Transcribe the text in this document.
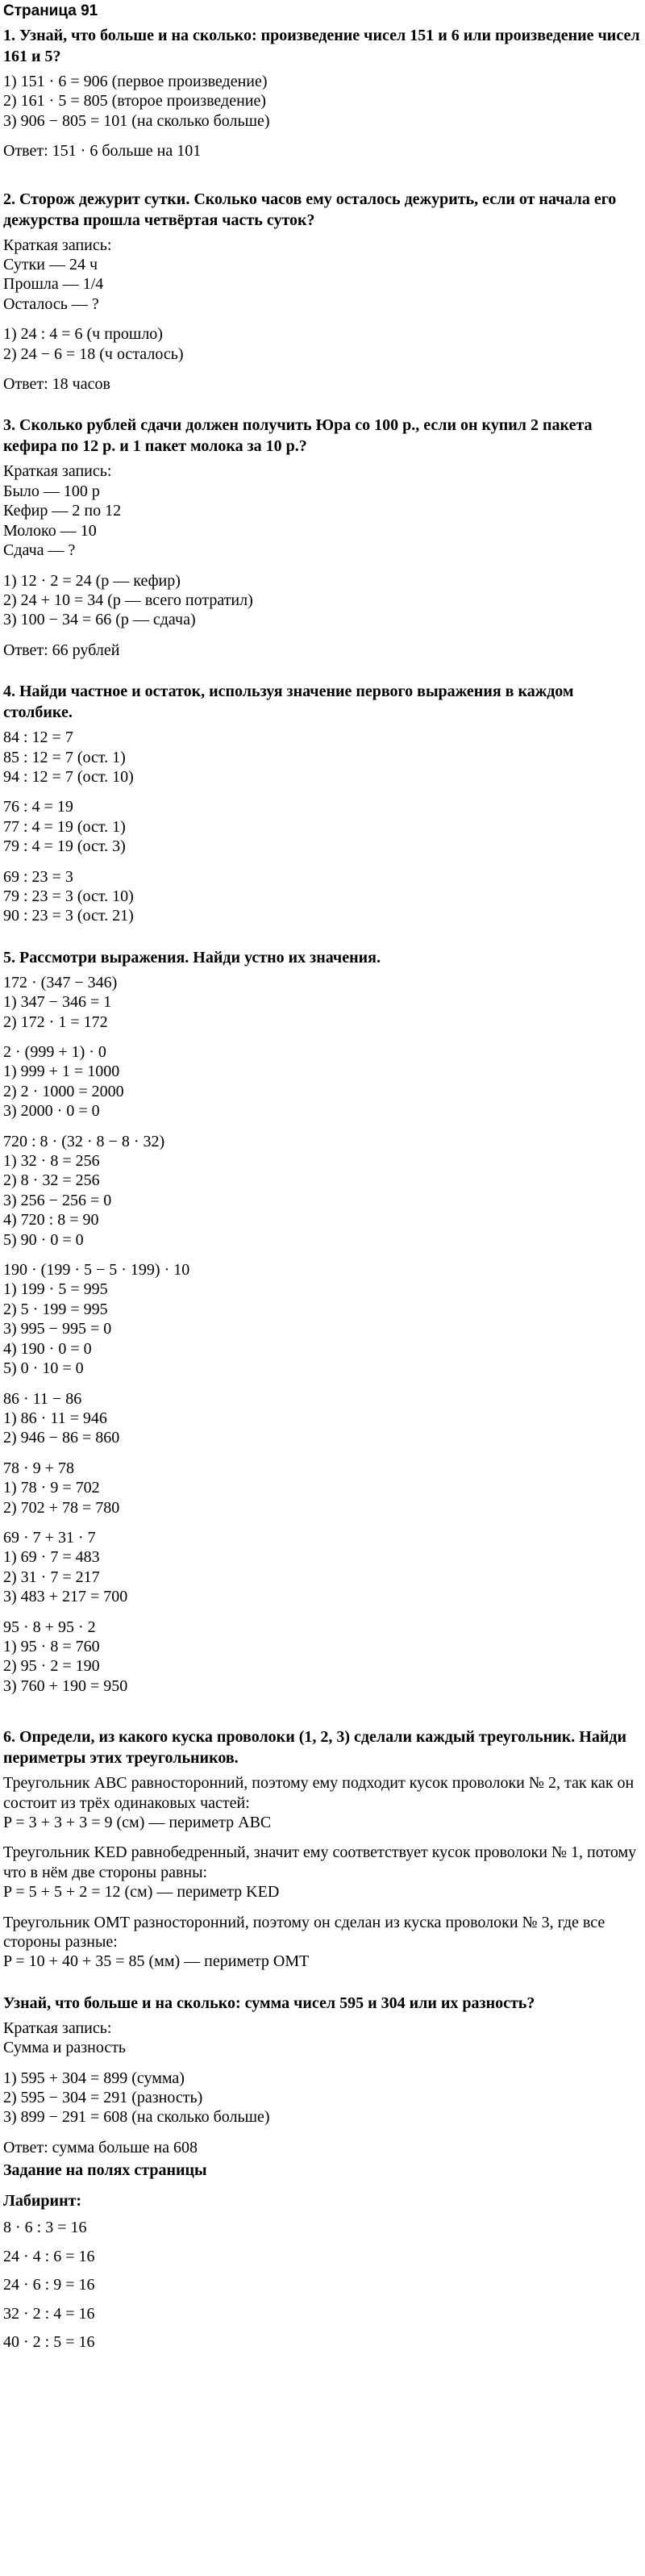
Страница 91

1. Узнай, что больше и на сколько: произведение чисел 151 и 6 или произведение чисел 161 и 5?

1) 151 · 6 = 906 (первое произведение)

2) 161 · 5 = 805 (второе произведение)

3) 906 − 805 = 101 (на сколько больше)

Ответ: 151 · 6 больше на 101

2. Сторож дежурит сутки. Сколько часов ему осталось дежурить, если от начала его дежурства прошла четвёртая часть суток?

Краткая запись:

Сутки — 24 ч

Прошла — 1/4

Осталось — ?

1) 24 : 4 = 6 (ч прошло)

2) 24 − 6 = 18 (ч осталось)

Ответ: 18 часов

3. Сколько рублей сдачи должен получить Юра со 100 р., если он купил 2 пакета кефира по 12 р. и 1 пакет молока за 10 р.?

Краткая запись:

Было — 100 р

Кефир — 2 по 12

Молоко — 10

Сдача — ?

1) 12 · 2 = 24 (р — кефир)

2) 24 + 10 = 34 (р — всего потратил)

3) 100 − 34 = 66 (р — сдача)

Ответ: 66 рублей

4. Найди частное и остаток, используя значение первого выражения в каждом столбике.

84 : 12 = 7

85 : 12 = 7 (ост. 1)

94 : 12 = 7 (ост. 10)

76 : 4 = 19

77 : 4 = 19 (ост. 1)

79 : 4 = 19 (ост. 3)

69 : 23 = 3

79 : 23 = 3 (ост. 10)

90 : 23 = 3 (ост. 21)

5. Рассмотри выражения. Найди устно их значения.

172 · (347 − 346)

1) 347 − 346 = 1

2) 172 · 1 = 172

2 · (999 + 1) · 0

1) 999 + 1 = 1000

2) 2 · 1000 = 2000

3) 2000 · 0 = 0

720 : 8 · (32 · 8 − 8 · 32)

1) 32 · 8 = 256

2) 8 · 32 = 256

3) 256 − 256 = 0

4) 720 : 8 = 90

5) 90 · 0 = 0

190 · (199 · 5 − 5 · 199) · 10

1) 199 · 5 = 995

2) 5 · 199 = 995

3) 995 − 995 = 0

4) 190 · 0 = 0

5) 0 · 10 = 0

86 · 11 − 86

1) 86 · 11 = 946

2) 946 − 86 = 860

78 · 9 + 78

1) 78 · 9 = 702

2) 702 + 78 = 780

69 · 7 + 31 · 7

1) 69 · 7 = 483

2) 31 · 7 = 217

3) 483 + 217 = 700

95 · 8 + 95 · 2

1) 95 · 8 = 760

2) 95 · 2 = 190

3) 760 + 190 = 950

6. Определи, из какого куска проволоки (1, 2, 3) сделали каждый треугольник. Найди периметры этих треугольников.

Треугольник ABC равносторонний, поэтому ему подходит кусок проволоки № 2, так как он состоит из трёх одинаковых частей:

P = 3 + 3 + 3 = 9 (см) — периметр ABC

Треугольник KED равнобедренный, значит ему соответствует кусок проволоки № 1, потому что в нём две стороны равны:

P = 5 + 5 + 2 = 12 (см) — периметр KED

Треугольник OMT разносторонний, поэтому он сделан из куска проволоки № 3, где все стороны разные:

P = 10 + 40 + 35 = 85 (мм) — периметр OMT

Узнай, что больше и на сколько: сумма чисел 595 и 304 или их разность?

Краткая запись:

Сумма и разность

1) 595 + 304 = 899 (сумма)

2) 595 − 304 = 291 (разность)

3) 899 − 291 = 608 (на сколько больше)

Ответ: сумма больше на 608

Задание на полях страницы

Лабиринт:

8 · 6 : 3 = 16

24 · 4 : 6 = 16

24 · 6 : 9 = 16

32 · 2 : 4 = 16

40 · 2 : 5 = 16
